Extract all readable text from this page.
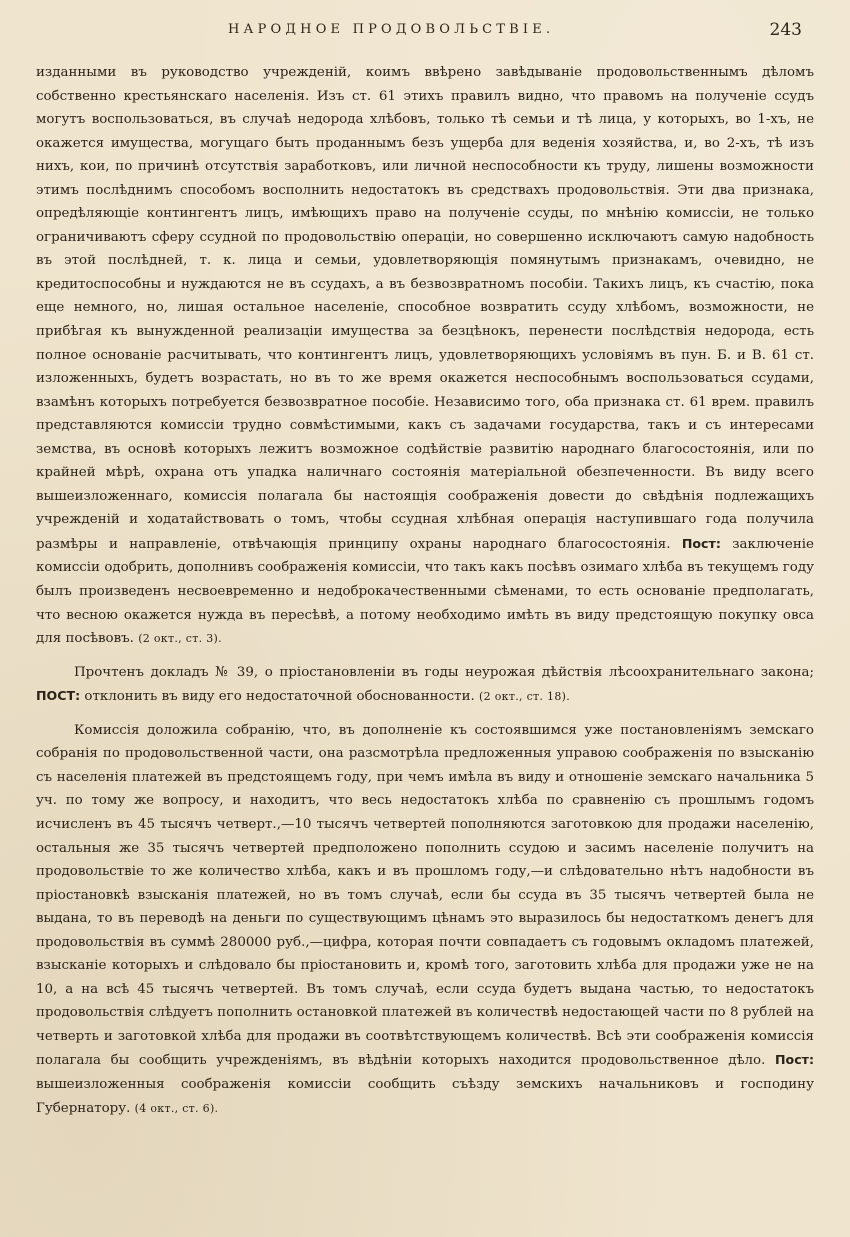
НАРОДНОЕ ПРОДОВОЛЬСТВІЕ.	243

изданными въ руководство учрежденій, коимъ ввѣрено завѣдываніе продовольственнымъ дѣломъ собственно крестьянскаго населенія. Изъ ст. 61 этихъ правилъ видно, что правомъ на полученіе ссудъ могутъ воспользоваться, въ случаѣ недорода хлѣбовъ, только тѣ семьи и тѣ лица, у которыхъ, во 1-хъ, не окажется имущества, могущаго быть проданнымъ безъ ущерба для веденія хозяйства, и, во 2-хъ, тѣ изъ нихъ, кои, по причинѣ отсутствія заработковъ, или личной неспособности къ труду, лишены возможности этимъ послѣднимъ способомъ восполнить недостатокъ въ средствахъ продовольствія. Эти два признака, опредѣляющіе контингентъ лицъ, имѣющихъ право на полученіе ссуды, по мнѣнію комиссіи, не только ограничиваютъ сферу ссудной по продовольствію операціи, но совершенно исключаютъ самую надобность въ этой послѣдней, т. к. лица и семьи, удовлетворяющія помянутымъ признакамъ, очевидно, не кредитоспособны и нуждаются не въ ссудахъ, а въ безвозвратномъ пособіи. Такихъ лицъ, къ счастію, пока еще немного, но, лишая остальное населеніе, способное возвратить ссуду хлѣбомъ, возможности, не прибѣгая къ вынужденной реализаціи имущества за безцѣнокъ, перенести послѣдствія недорода, есть полное основаніе расчитывать, что контингентъ лицъ, удовлетворяющихъ условіямъ въ пун. Б. и В. 61 ст. изложенныхъ, будетъ возрастать, но въ то же время окажется неспособнымъ воспользоваться ссудами, взамѣнъ которыхъ потребуется безвозвратное пособіе. Независимо того, оба признака ст. 61 врем. правилъ представляются комиссіи трудно совмѣстимыми, какъ съ задачами государства, такъ и съ интересами земства, въ основѣ которыхъ лежитъ возможное содѣйствіе развитію народнаго благосостоянія, или по крайней мѣрѣ, охрана отъ упадка наличнаго состоянія матеріальной обезпеченности. Въ виду всего вышеизложеннаго, комиссія полагала бы настоящія соображенія довести до свѣдѣнія подлежащихъ учрежденій и ходатайствовать о томъ, чтобы ссудная хлѣбная операція наступившаго года получила размѣры и направленіе, отвѣчающія принципу охраны народнаго благосостоянія. Пост: заключеніе комиссіи одобрить, дополнивъ соображенія комиссіи, что такъ какъ посѣвъ озимаго хлѣба въ текущемъ году былъ произведенъ несвоевременно и недоброкачественными сѣменами, то есть основаніе предполагать, что весною окажется нужда въ пересѣвѣ, а потому необходимо имѣть въ виду предстоящую покупку овса для посѣвовъ. (2 окт., ст. 3).

Прочтенъ докладъ № 39, о пріостановленіи въ годы неурожая дѣйствія лѣсоохранительнаго закона; ПОСТ: отклонить въ виду его недостаточной обоснованности. (2 окт., ст. 18).

Комиссія доложила собранію, что, въ дополненіе къ состоявшимся уже постановленіямъ земскаго собранія по продовольственной части, она разсмотрѣла предложенныя управою соображенія по взысканію съ населенія платежей въ предстоящемъ году, при чемъ имѣла въ виду и отношеніе земскаго начальника 5 уч. по тому же вопросу, и находитъ, что весь недостатокъ хлѣба по сравненію съ прошлымъ годомъ исчисленъ въ 45 тысячъ четверт.,—10 тысячъ четвертей пополняются заготовкою для продажи населенію, остальныя же 35 тысячъ четвертей предположено пополнить ссудою и засимъ населеніе получитъ на продовольствіе то же количество хлѣба, какъ и въ прошломъ году,—и слѣдовательно нѣтъ надобности въ пріостановкѣ взысканія платежей, но въ томъ случаѣ, если бы ссуда въ 35 тысячъ четвертей была не выдана, то въ переводѣ на деньги по существующимъ цѣнамъ это выразилось бы недостаткомъ денегъ для продовольствія въ суммѣ 280000 руб.,—цифра, которая почти совпадаетъ съ годовымъ окладомъ платежей, взысканіе которыхъ и слѣдовало бы пріостановить и, кромѣ того, заготовить хлѣба для продажи уже не на 10, а на всѣ 45 тысячъ четвертей. Въ томъ случаѣ, если ссуда будетъ выдана частью, то недостатокъ продовольствія слѣдуетъ пополнить остановкой платежей въ количествѣ недостающей части по 8 рублей на четверть и заготовкой хлѣба для продажи въ соотвѣтствующемъ количествѣ. Всѣ эти соображенія комиссія полагала бы сообщить учрежденіямъ, въ вѣдѣніи которыхъ находится продовольственное дѣло. Пост: вышеизложенныя соображенія комиссіи сообщить съѣзду земскихъ начальниковъ и господину Губернатору. (4 окт., ст. 6).
